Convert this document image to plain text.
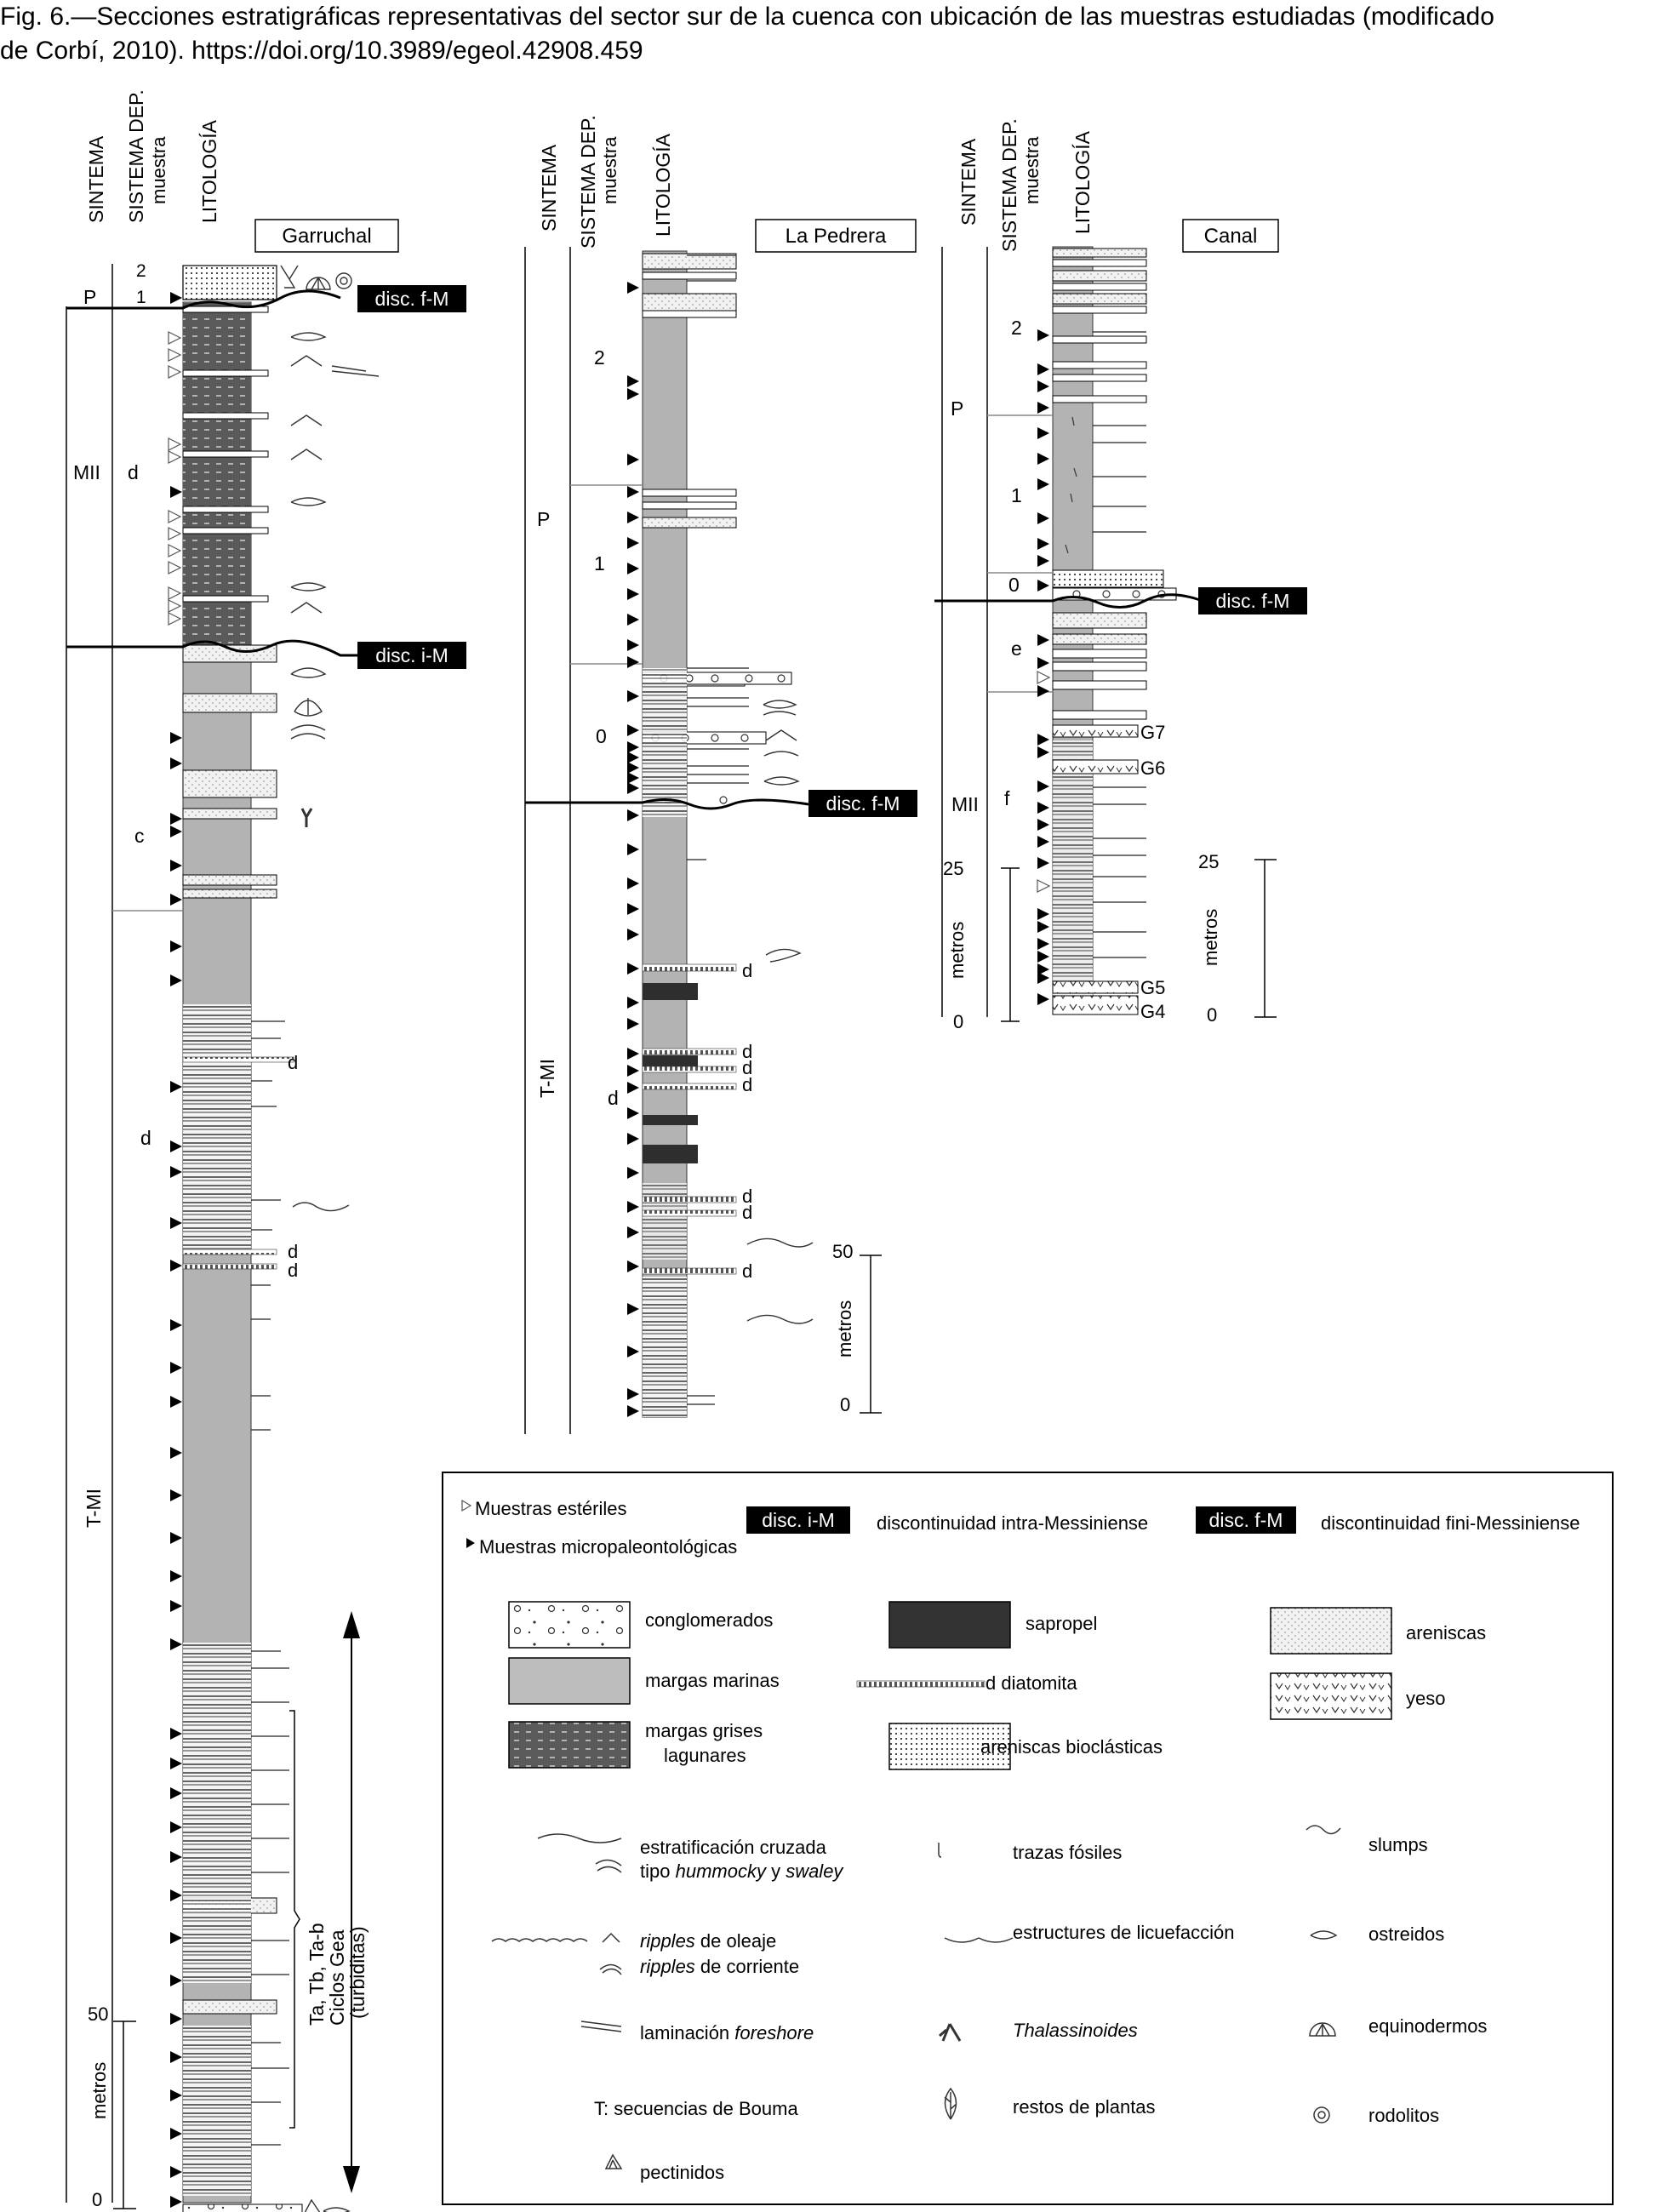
Fig. 6.—Secciones estratigráficas representativas del sector sur de la cuenca con ubicación de las muestras estudiadas (modificado

de Corbí, 2010). https://doi.org/10.3989/egeol.42908.459

SINTEMA SISTEMA DEP. muestra LITOLOGÍA
Garruchal
d
d
d
disc. f-M
disc. i-M
P
MII
T-MI
2
1
d
c
d
50
0
metros
Ta, Tb, Ta-b
Ciclos Gea
(turbiditas)
SINTEMA SISTEMA DEP. muestra LITOLOGÍA	La Pedrera
d
d
d
d
d
d
d
disc. f-M
P
T-MI
2
1
0
d
50
0
metros
SINTEMA SISTEMA DEP. muestra LITOLOGÍA
Canal
G7
G6
G5
G4
disc. f-M
P
MII
2
1
0
e
f
25
0
metros
25
0
metros
Muestras estériles
Muestras micropaleontológicas
disc. i-M discontinuidad intra-Messiniense	disc. f-M discontinuidad fini-Messiniense
conglomerados
margas marinas
margas grises
lagunares
sapropel
d diatomita
areniscas bioclásticas
areniscas
yeso
estratificación cruzada
tipo hummocky y swaley
ripples de oleaje
ripples de corriente
laminación foreshore
T: secuencias de Bouma
pectinidos
trazas fósiles
estructures de licuefacción
Thalassinoides
restos de plantas
slumps
ostreidos
equinodermos
rodolitos
